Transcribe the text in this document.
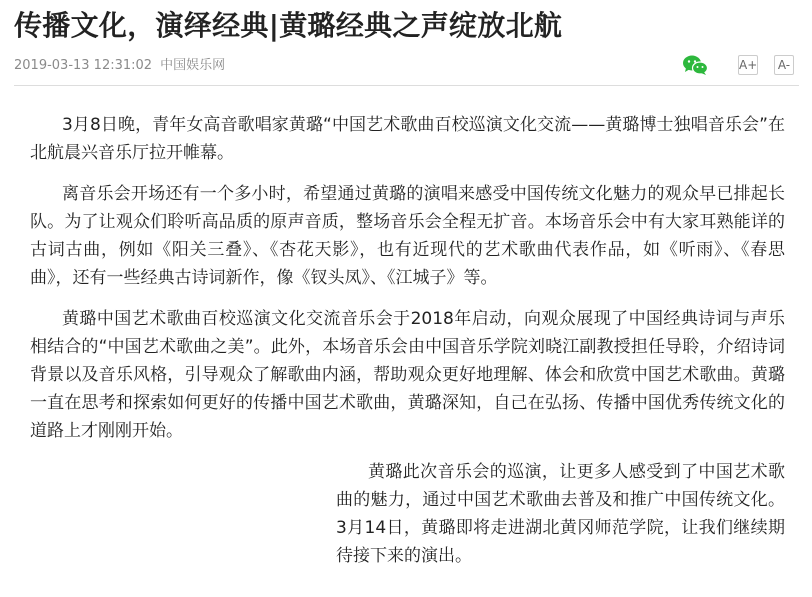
传播文化，演绎经典|黄璐经典之声绽放北航
2019-03-13 12:31:02 中国娱乐网	A+	A-

3月8日晚，青年女高音歌唱家黄璐“中国艺术歌曲百校巡演文化交流——黄璐博士独唱音乐会”在北航晨兴音乐厅拉开帷幕。

离音乐会开场还有一个多小时，希望通过黄璐的演唱来感受中国传统文化魅力的观众早已排起长队。为了让观众们聆听高品质的原声音质，整场音乐会全程无扩音。本场音乐会中有大家耳熟能详的古词古曲，例如《阳关三叠》、《杏花天影》，也有近现代的艺术歌曲代表作品，如《听雨》、《春思曲》，还有一些经典古诗词新作，像《钗头凤》、《江城子》等。

黄璐中国艺术歌曲百校巡演文化交流音乐会于2018年启动，向观众展现了中国经典诗词与声乐相结合的“中国艺术歌曲之美”。此外，本场音乐会由中国音乐学院刘晓江副教授担任导聆，介绍诗词背景以及音乐风格，引导观众了解歌曲内涵，帮助观众更好地理解、体会和欣赏中国艺术歌曲。黄璐一直在思考和探索如何更好的传播中国艺术歌曲，黄璐深知，自己在弘扬、传播中国优秀传统文化的道路上才刚刚开始。

黄璐此次音乐会的巡演，让更多人感受到了中国艺术歌曲的魅力，通过中国艺术歌曲去普及和推广中国传统文化。3月14日，黄璐即将走进湖北黄冈师范学院，让我们继续期待接下来的演出。
